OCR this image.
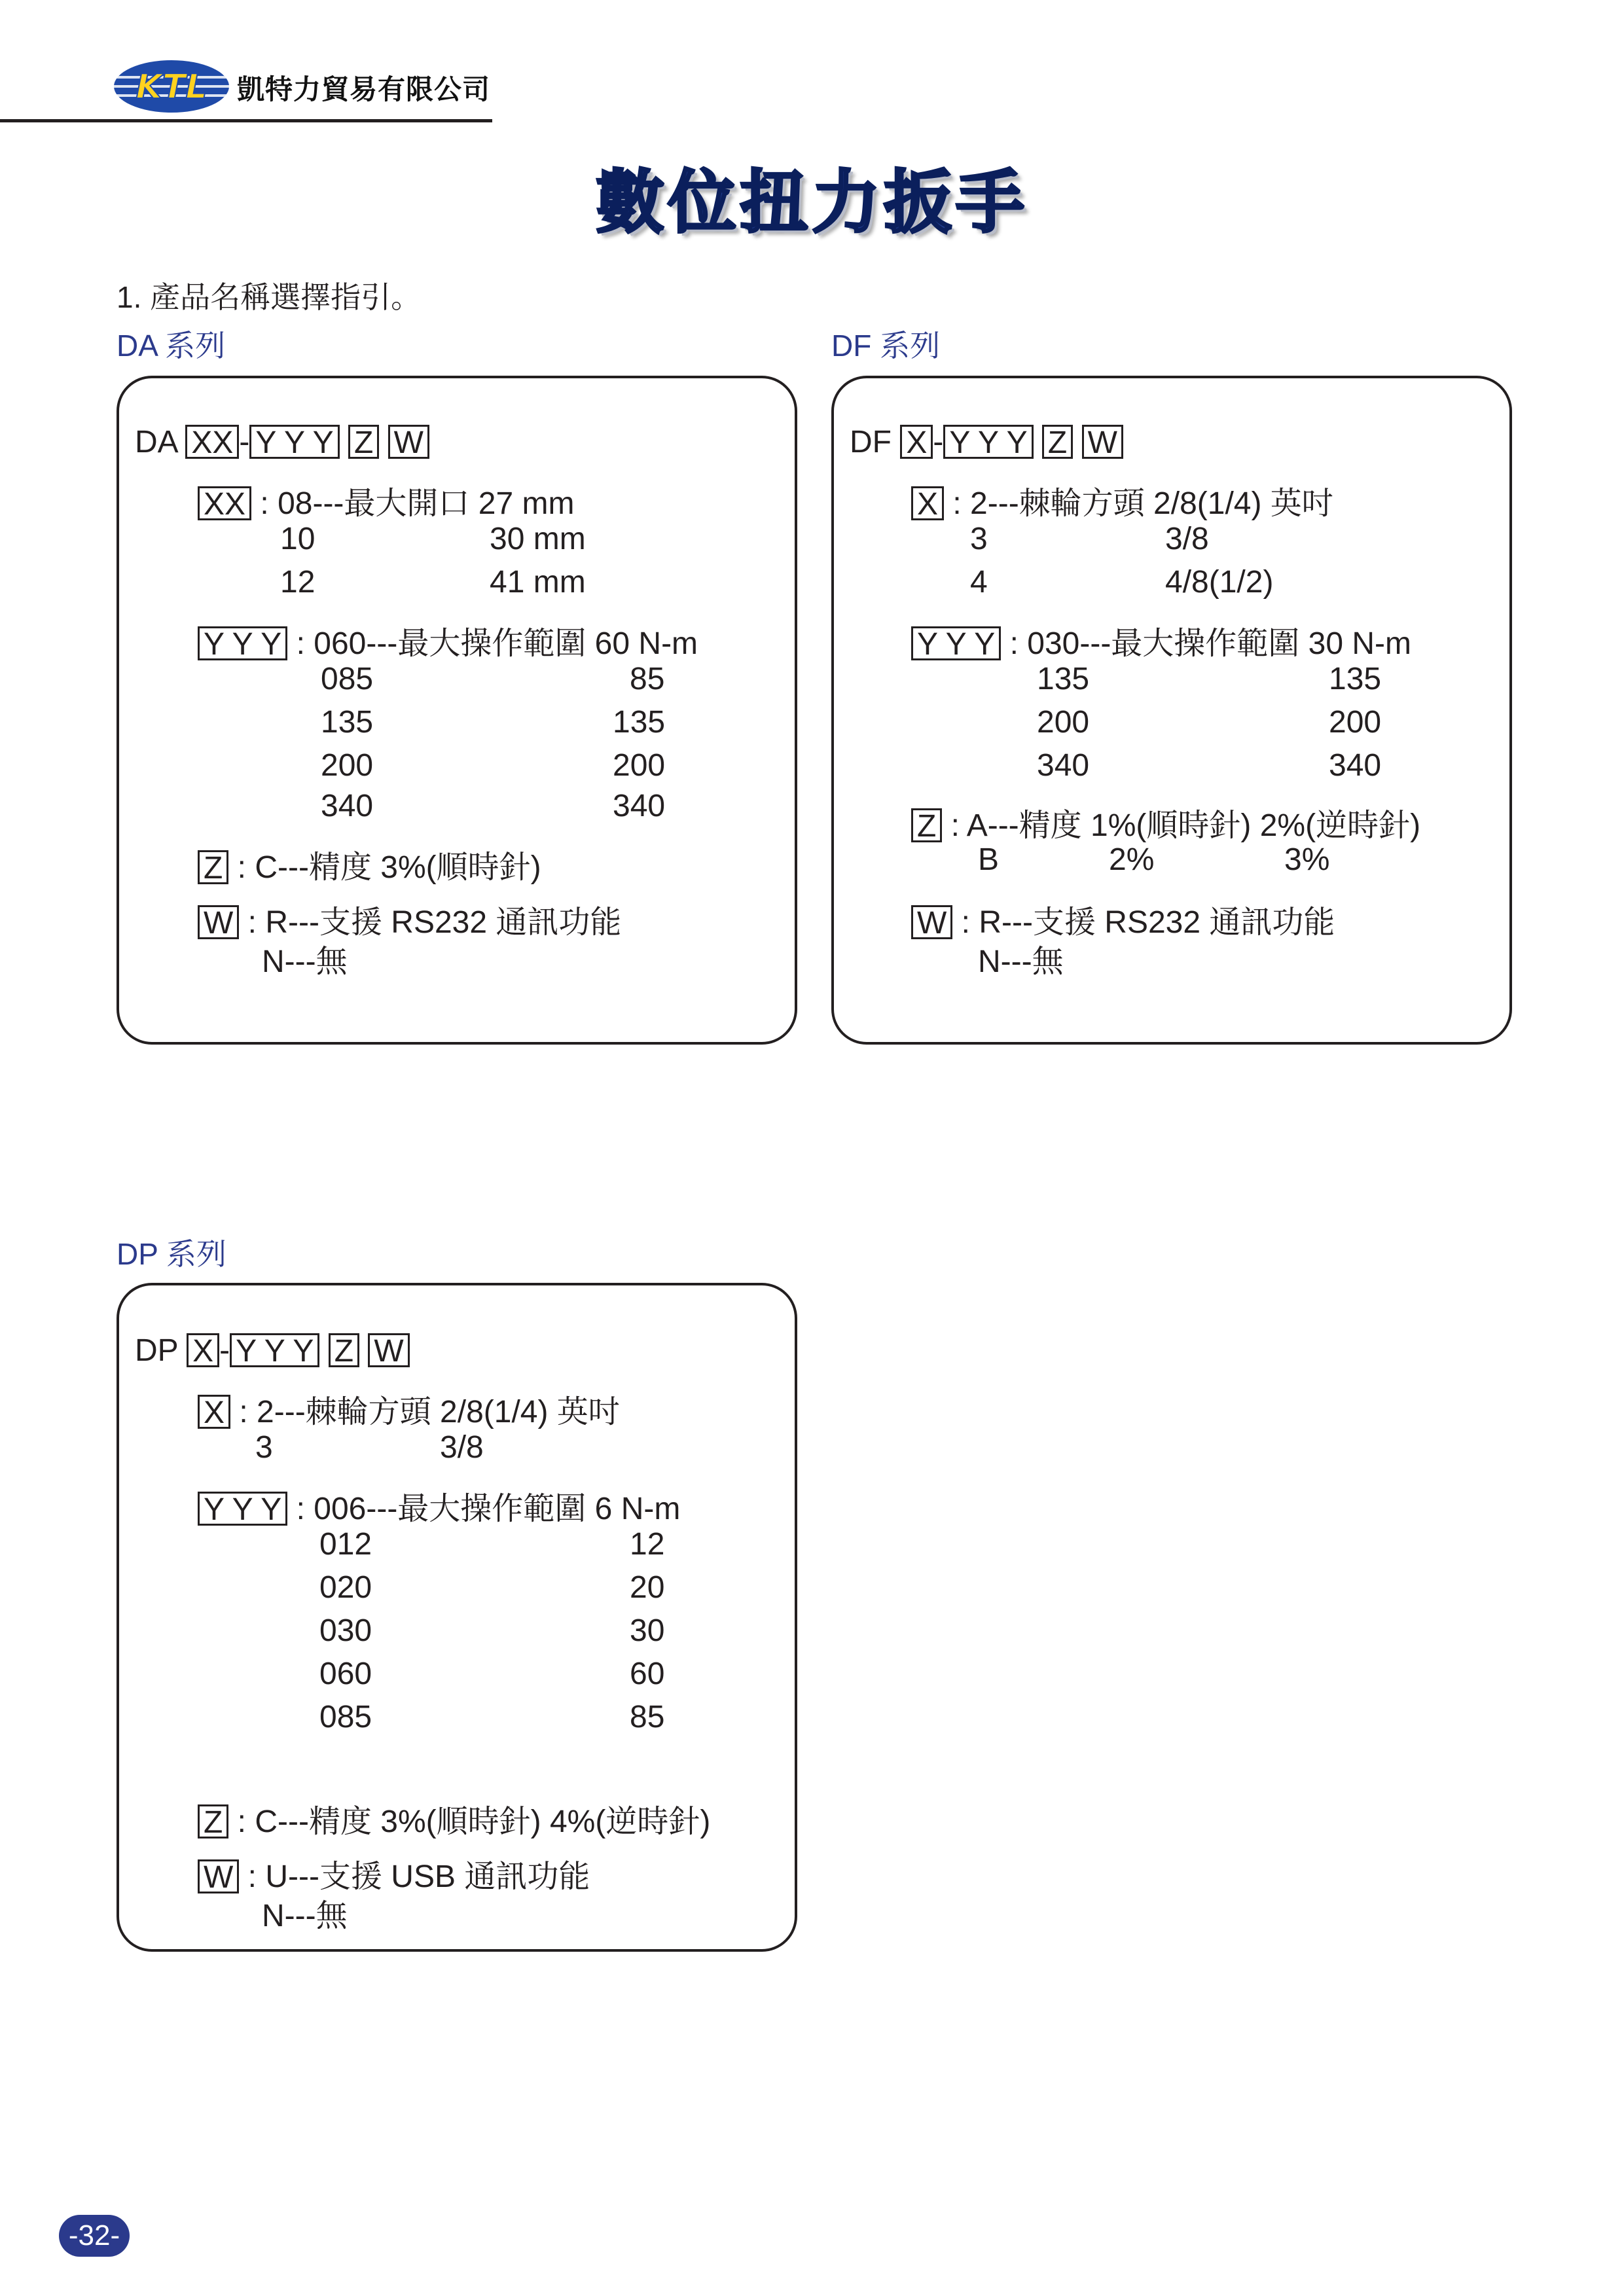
KTL 凱特力貿易有限公司
數位扭力扳手
1. 產品名稱選擇指引。
DA 系列
DA XX - Y Y Y Z W
XX : 08---最大開口 27 mm
10	30 mm
12	41 mm
Y Y Y : 060---最大操作範圍 60 N-m
085	85
135	135
200	200
340	340
Z : C---精度 3%(順時針)
W : R---支援 RS232 通訊功能
N---無
DF 系列
DF X - Y Y Y Z W
X : 2---棘輪方頭 2/8(1/4) 英吋
3	3/8
4	4/8(1/2)
Y Y Y : 030---最大操作範圍 30 N-m
135	135
200	200
340	340
Z : A---精度 1%(順時針) 2%(逆時針)
B	2%	3%
W : R---支援 RS232 通訊功能
N---無
DP 系列
DP X - Y Y Y Z W
X : 2---棘輪方頭 2/8(1/4) 英吋
3	3/8
Y Y Y : 006---最大操作範圍 6 N-m
012	12
020	20
030	30
060	60
085	85
Z : C---精度 3%(順時針) 4%(逆時針)
W : U---支援 USB 通訊功能
N---無
-32-
